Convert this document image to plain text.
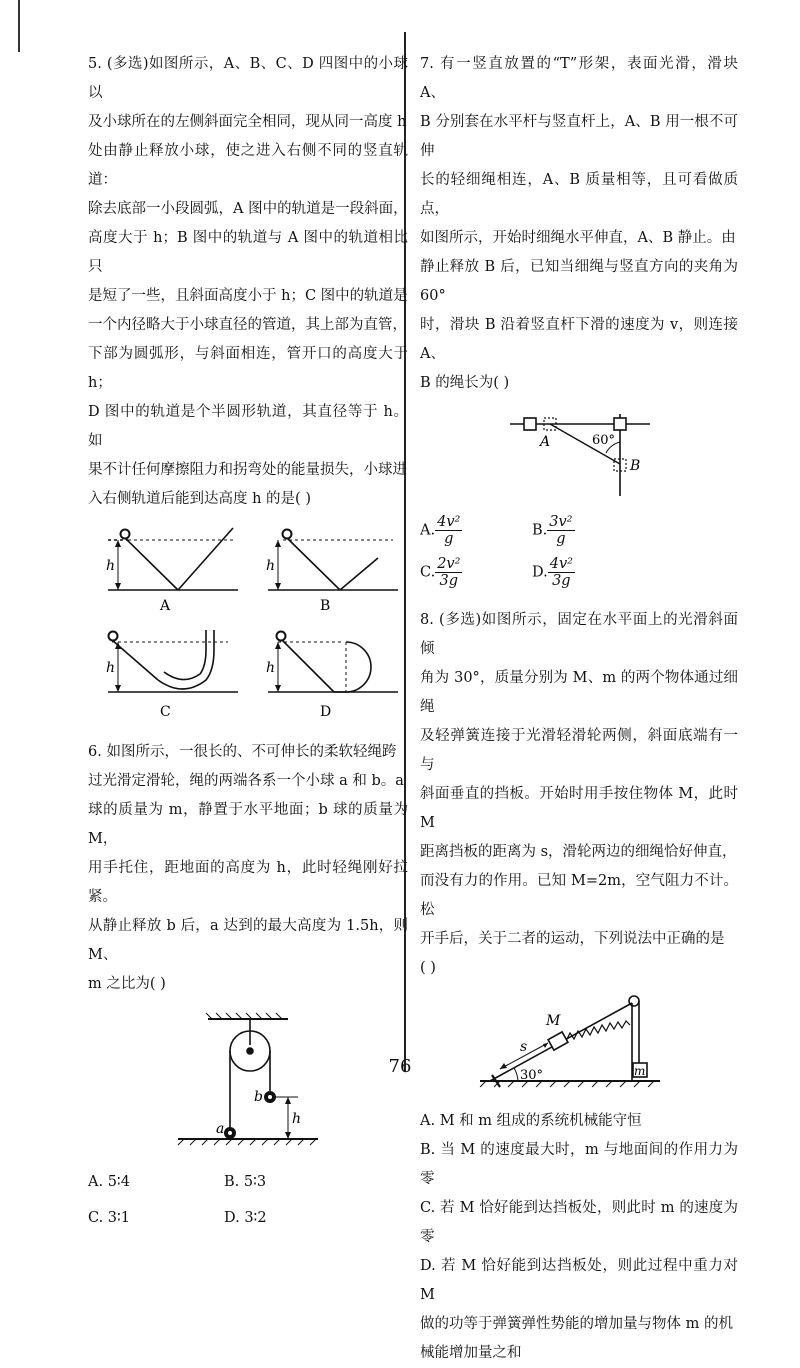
5. (多选)如图所示，A、B、C、D 四图中的小球以
及小球所在的左侧斜面完全相同，现从同一高度 h
处由静止释放小球，使之进入右侧不同的竖直轨道：
除去底部一小段圆弧，A 图中的轨道是一段斜面，
高度大于 h；B 图中的轨道与 A 图中的轨道相比只
是短了一些，且斜面高度小于 h；C 图中的轨道是
一个内径略大于小球直径的管道，其上部为直管，
下部为圆弧形，与斜面相连，管开口的高度大于 h；
D 图中的轨道是个半圆形轨道，其直径等于 h。如
果不计任何摩擦阻力和拐弯处的能量损失，小球进
入右侧轨道后能到达高度 h 的是( )

h
A
h
B
h
C
h
D

6. 如图所示，一很长的、不可伸长的柔软轻绳跨
过光滑定滑轮，绳的两端各系一个小球 a 和 b。a
球的质量为 m，静置于水平地面；b 球的质量为 M，
用手托住，距地面的高度为 h，此时轻绳刚好拉紧。
从静止释放 b 后，a 达到的最大高度为 1.5h，则 M、
m 之比为( )

a
b
h
A. 5∶4	B. 5∶3
C. 3∶1	D. 3∶2

7. 有一竖直放置的“T”形架，表面光滑，滑块 A、
B 分别套在水平杆与竖直杆上，A、B 用一根不可伸
长的轻细绳相连，A、B 质量相等，且可看做质点，
如图所示，开始时细绳水平伸直，A、B 静止。由
静止释放 B 后，已知当细绳与竖直方向的夹角为 60°
时，滑块 B 沿着竖直杆下滑的速度为 v，则连接 A、
B 的绳长为( )

A
B
60°
A. $\frac{\text{4v²}}{g}$	B. $\frac{\text{3v²}}{g}$
C. $\frac{\text{2v²}}{3g}$	D. $\frac{\text{4v²}}{3g}$

8. (多选)如图所示，固定在水平面上的光滑斜面倾
角为 30°，质量分别为 M、m 的两个物体通过细绳
及轻弹簧连接于光滑轻滑轮两侧，斜面底端有一与
斜面垂直的挡板。开始时用手按住物体 M，此时 M
距离挡板的距离为 s，滑轮两边的细绳恰好伸直，
而没有力的作用。已知 M=2m，空气阻力不计。松
开手后，关于二者的运动，下列说法中正确的是
( )

M
s
30°	m
A. M 和 m 组成的系统机械能守恒
B. 当 M 的速度最大时，m 与地面间的作用力为零
C. 若 M 恰好能到达挡板处，则此时 m 的速度为零
D. 若 M 恰好能到达挡板处，则此过程中重力对 M
做的功等于弹簧弹性势能的增加量与物体 m 的机
械能增加量之和
76
